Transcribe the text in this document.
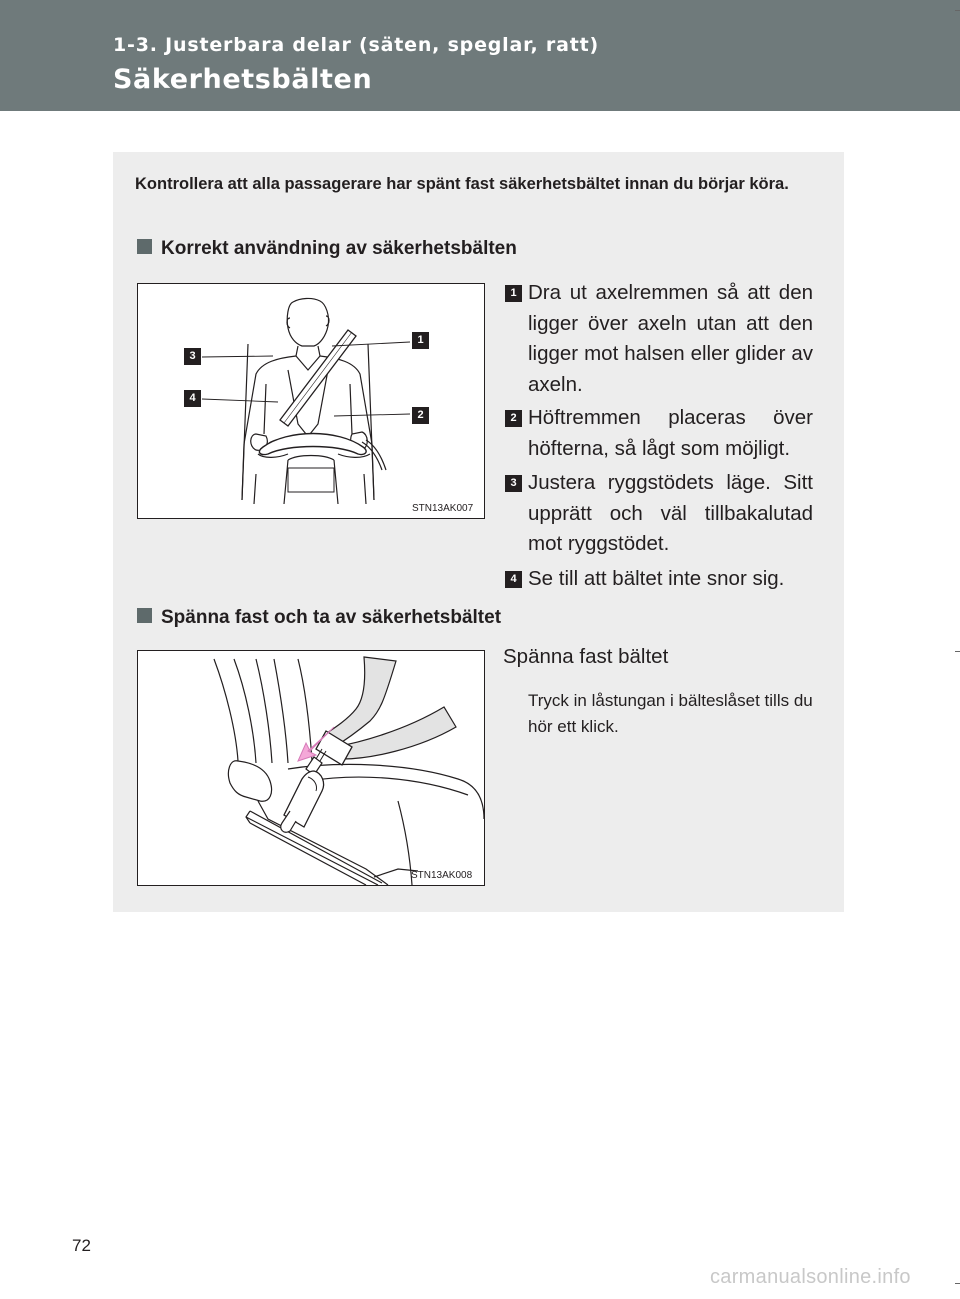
1-3. Justerbara delar (säten, speglar, ratt)
Säkerhetsbälten
Kontrollera att alla passagerare har spänt fast säkerhetsbältet innan du börjar köra.
Korrekt användning av säkerhetsbälten
1
2
3
4
STN13AK007
1 Dra ut axelremmen så att den ligger över axeln utan att den ligger mot halsen eller glider av axeln.
2 Höftremmen placeras över höfterna, så lågt som möjligt.
3 Justera ryggstödets läge. Sitt upprätt och väl tillbakalutad mot ryggstödet.
4 Se till att bältet inte snor sig.
Spänna fast och ta av säkerhetsbältet
STN13AK008
Spänna fast bältet
Tryck in låstungan i bälteslåset tills du hör ett klick.
72
carmanualsonline.info
